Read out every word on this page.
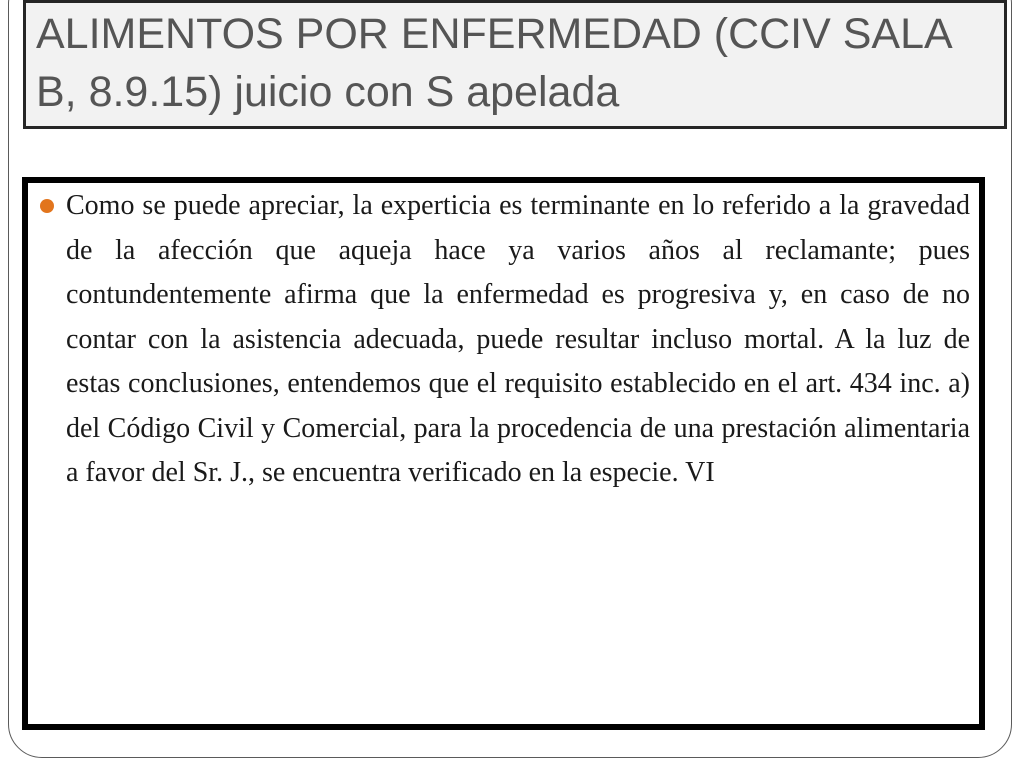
ALIMENTOS POR ENFERMEDAD (CCIV SALA
B, 8.9.15) juicio con S apelada

Como se puede apreciar, la experticia es terminante en lo referido a la gravedad de la afección que aqueja hace ya varios años al reclamante; pues contundentemente afirma que la enfermedad es progresiva y, en caso de no contar con la asistencia adecuada, puede resultar incluso mortal. A la luz de estas conclusiones, entendemos que el requisito establecido en el art. 434 inc. a) del Código Civil y Comercial, para la procedencia de una prestación alimentaria a favor del Sr. J., se encuentra verificado en la especie. VI
